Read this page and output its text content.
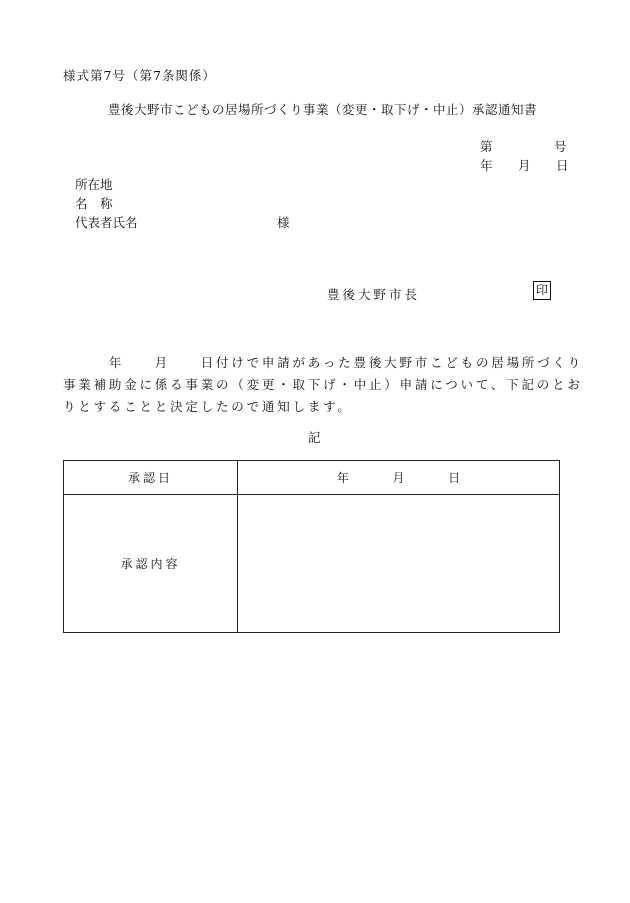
様式第7号（第7条関係）
豊後大野市こどもの居場所づくり事業（変更・取下げ・中止）承認通知書
第	号
年 月 日
所在地
名　称
代表者氏名	様
豊後大野市長	印

　　　年　　月　　日付けで申請があった豊後大野市こどもの居場所づくり

事業補助金に係る事業の（変更・取下げ・中止）申請について、下記のとお

りとすることと決定したので通知します。

記
承認日	年 月 日
承認内容	
